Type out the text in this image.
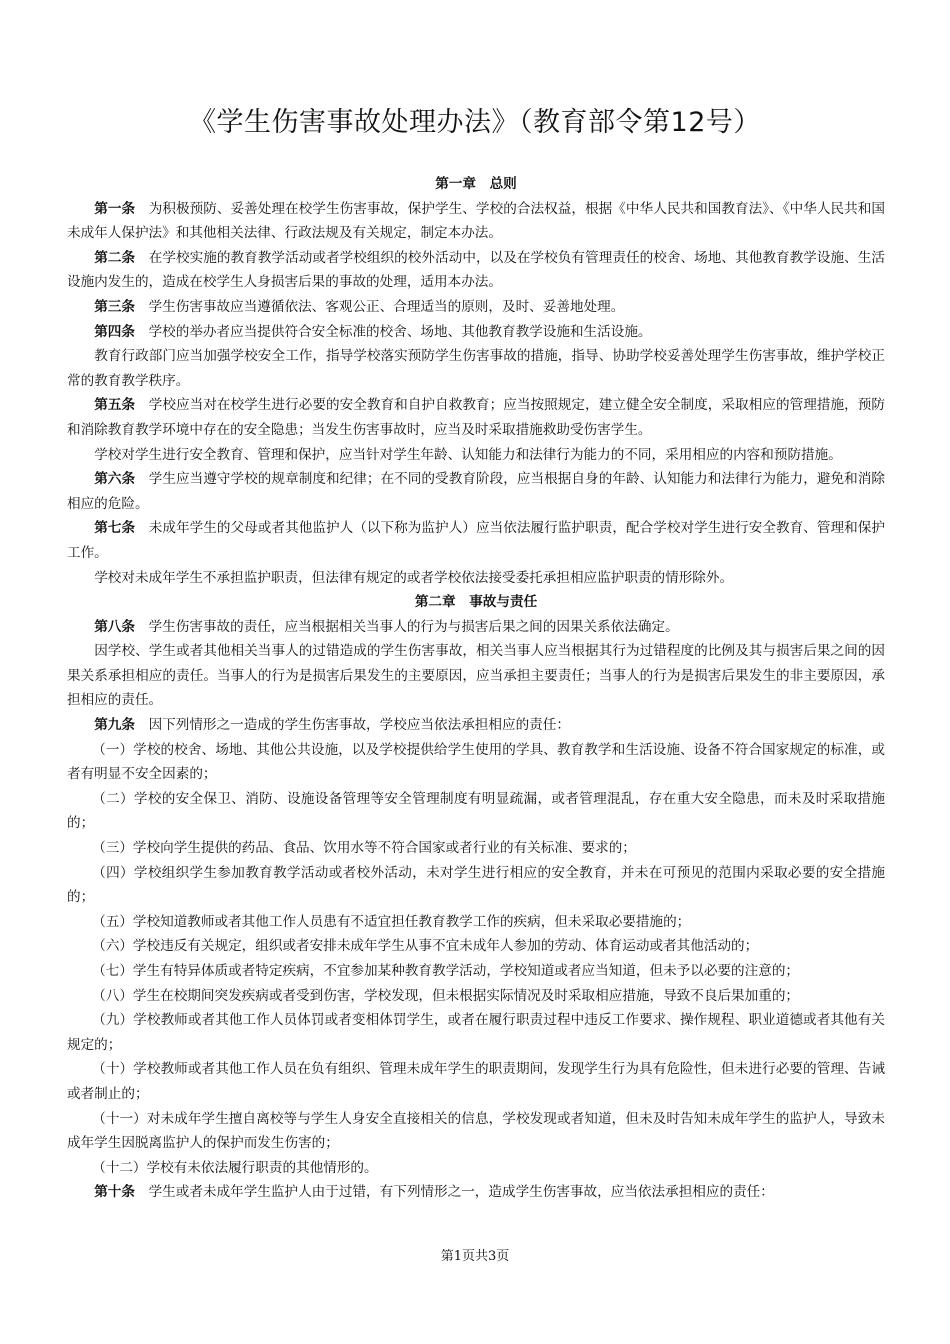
《学生伤害事故处理办法》（教育部令第12号）
第一章　总则

第一条 为积极预防、妥善处理在校学生伤害事故，保护学生、学校的合法权益，根据《中华人民共和国教育法》、《中华人民共和国未成年人保护法》和其他相关法律、行政法规及有关规定，制定本办法。

第二条 在学校实施的教育教学活动或者学校组织的校外活动中，以及在学校负有管理责任的校舍、场地、其他教育教学设施、生活设施内发生的，造成在校学生人身损害后果的事故的处理，适用本办法。

第三条 学生伤害事故应当遵循依法、客观公正、合理适当的原则，及时、妥善地处理。

第四条 学校的举办者应当提供符合安全标准的校舍、场地、其他教育教学设施和生活设施。

教育行政部门应当加强学校安全工作，指导学校落实预防学生伤害事故的措施，指导、协助学校妥善处理学生伤害事故，维护学校正常的教育教学秩序。

第五条 学校应当对在校学生进行必要的安全教育和自护自救教育；应当按照规定，建立健全安全制度，采取相应的管理措施，预防和消除教育教学环境中存在的安全隐患；当发生伤害事故时，应当及时采取措施救助受伤害学生。

学校对学生进行安全教育、管理和保护，应当针对学生年龄、认知能力和法律行为能力的不同，采用相应的内容和预防措施。

第六条 学生应当遵守学校的规章制度和纪律；在不同的受教育阶段，应当根据自身的年龄、认知能力和法律行为能力，避免和消除相应的危险。

第七条 未成年学生的父母或者其他监护人（以下称为监护人）应当依法履行监护职责，配合学校对学生进行安全教育、管理和保护工作。

学校对未成年学生不承担监护职责，但法律有规定的或者学校依法接受委托承担相应监护职责的情形除外。

第二章　事故与责任

第八条 学生伤害事故的责任，应当根据相关当事人的行为与损害后果之间的因果关系依法确定。

因学校、学生或者其他相关当事人的过错造成的学生伤害事故，相关当事人应当根据其行为过错程度的比例及其与损害后果之间的因果关系承担相应的责任。当事人的行为是损害后果发生的主要原因，应当承担主要责任；当事人的行为是损害后果发生的非主要原因，承担相应的责任。

第九条 因下列情形之一造成的学生伤害事故，学校应当依法承担相应的责任：

（一）学校的校舍、场地、其他公共设施，以及学校提供给学生使用的学具、教育教学和生活设施、设备不符合国家规定的标准，或者有明显不安全因素的；

（二）学校的安全保卫、消防、设施设备管理等安全管理制度有明显疏漏，或者管理混乱，存在重大安全隐患，而未及时采取措施的；

（三）学校向学生提供的药品、食品、饮用水等不符合国家或者行业的有关标准、要求的；

（四）学校组织学生参加教育教学活动或者校外活动，未对学生进行相应的安全教育，并未在可预见的范围内采取必要的安全措施的；

（五）学校知道教师或者其他工作人员患有不适宜担任教育教学工作的疾病，但未采取必要措施的；

（六）学校违反有关规定，组织或者安排未成年学生从事不宜未成年人参加的劳动、体育运动或者其他活动的；

（七）学生有特异体质或者特定疾病，不宜参加某种教育教学活动，学校知道或者应当知道，但未予以必要的注意的；

（八）学生在校期间突发疾病或者受到伤害，学校发现，但未根据实际情况及时采取相应措施，导致不良后果加重的；

（九）学校教师或者其他工作人员体罚或者变相体罚学生，或者在履行职责过程中违反工作要求、操作规程、职业道德或者其他有关规定的；

（十）学校教师或者其他工作人员在负有组织、管理未成年学生的职责期间，发现学生行为具有危险性，但未进行必要的管理、告诫或者制止的；

（十一）对未成年学生擅自离校等与学生人身安全直接相关的信息，学校发现或者知道，但未及时告知未成年学生的监护人，导致未成年学生因脱离监护人的保护而发生伤害的；

（十二）学校有未依法履行职责的其他情形的。

第十条 学生或者未成年学生监护人由于过错，有下列情形之一，造成学生伤害事故，应当依法承担相应的责任：

第1页共3页
